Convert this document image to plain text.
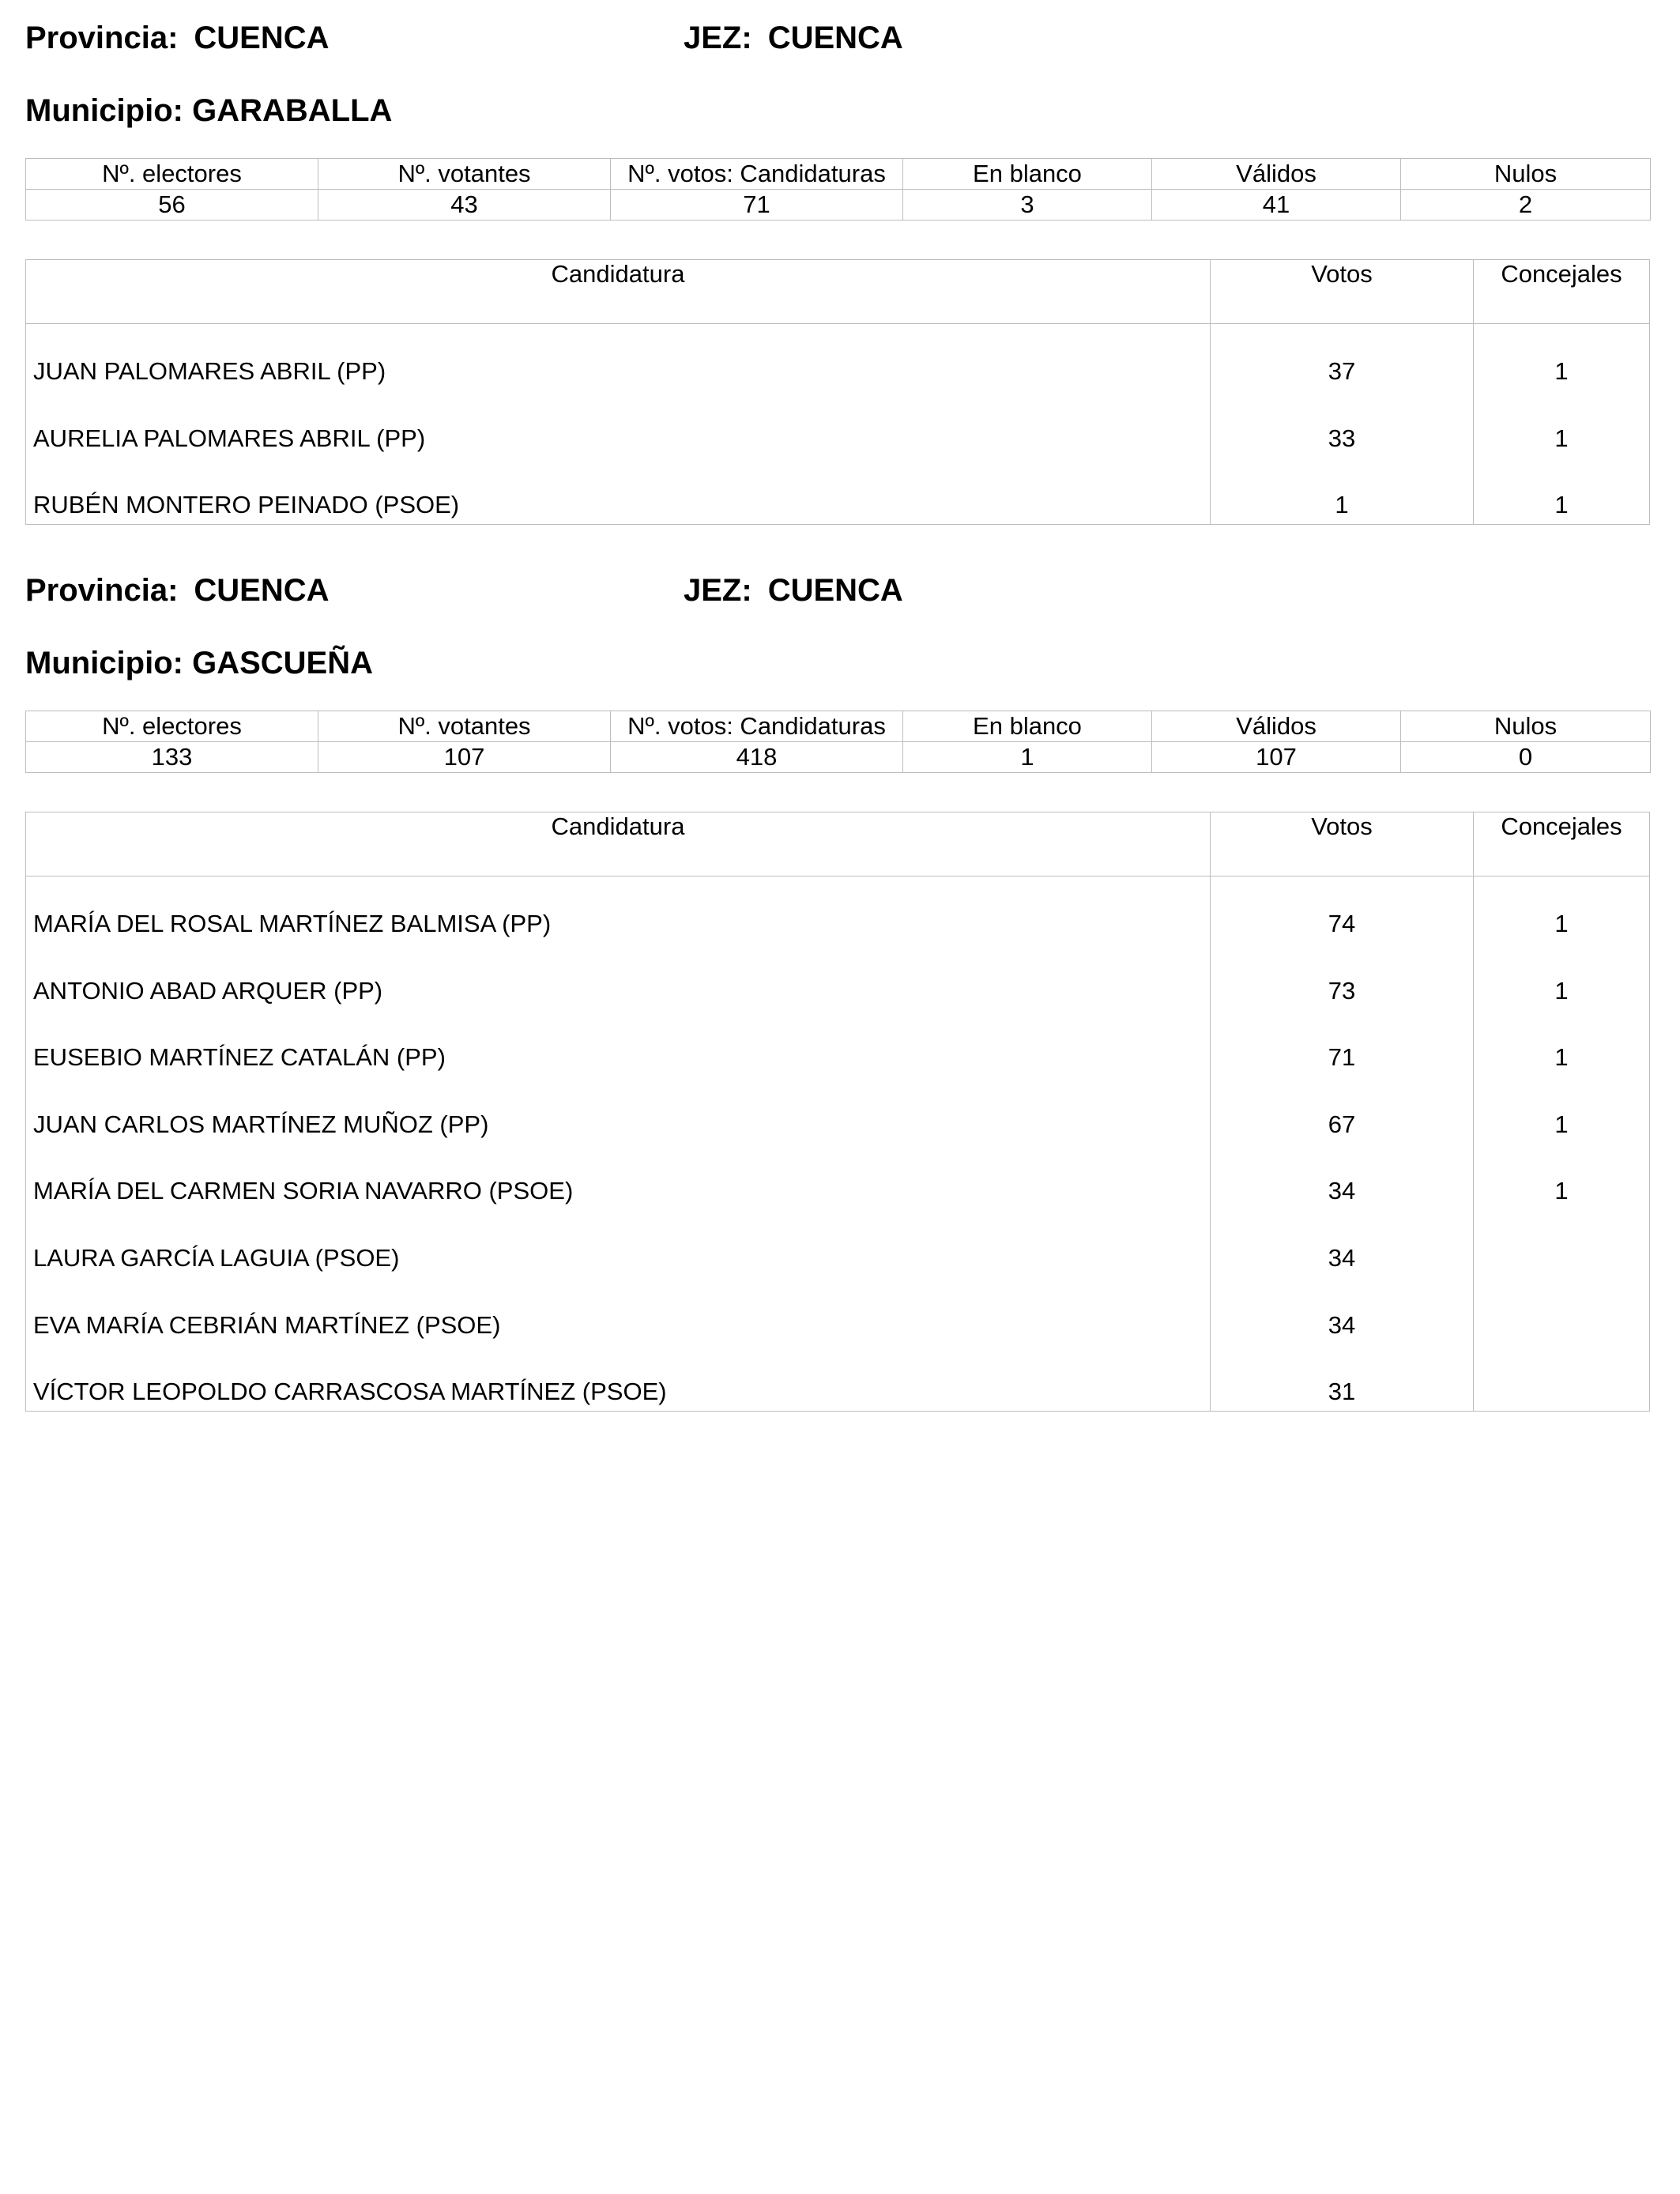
Provincia: CUENCA	JEZ: CUENCA
Municipio: GARABALLA
Nº. electores	Nº. votantes	Nº. votos: Candidaturas	En blanco	Válidos	Nulos
56	43	71	3	41	2
Candidatura	Votos	Concejales
JUAN PALOMARES ABRIL (PP)	37	1
AURELIA PALOMARES ABRIL (PP)	33	1
RUBÉN MONTERO PEINADO (PSOE)	1	1
Provincia: CUENCA	JEZ: CUENCA
Municipio: GASCUEÑA
Nº. electores	Nº. votantes	Nº. votos: Candidaturas	En blanco	Válidos	Nulos
133	107	418	1	107	0
Candidatura	Votos	Concejales
MARÍA DEL ROSAL MARTÍNEZ BALMISA (PP)	74	1
ANTONIO ABAD ARQUER (PP)	73	1
EUSEBIO MARTÍNEZ CATALÁN (PP)	71	1
JUAN CARLOS MARTÍNEZ MUÑOZ (PP)	67	1
MARÍA DEL CARMEN SORIA NAVARRO (PSOE)	34	1
LAURA GARCÍA LAGUIA (PSOE)	34
EVA MARÍA CEBRIÁN MARTÍNEZ (PSOE)	34
VÍCTOR LEOPOLDO CARRASCOSA MARTÍNEZ (PSOE)	31
